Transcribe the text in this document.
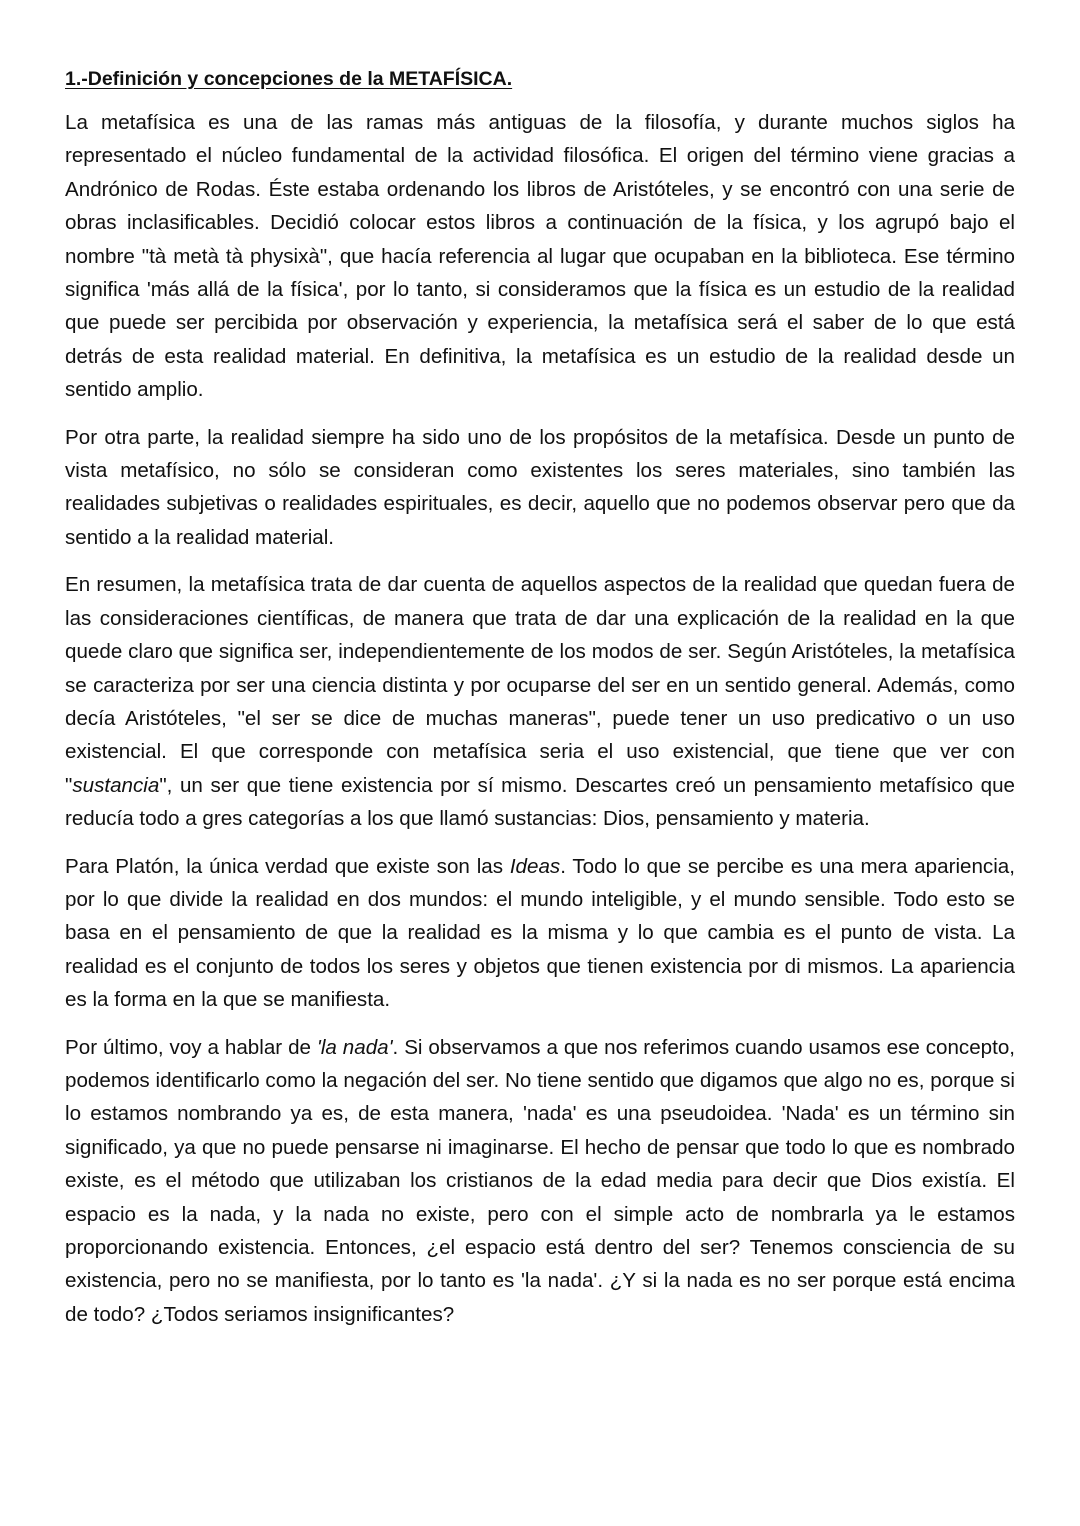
1.-Definición y concepciones de la METAFÍSICA.

La metafísica es una de las ramas más antiguas de la filosofía, y durante muchos siglos ha representado el núcleo fundamental de la actividad filosófica. El origen del término viene gracias a Andrónico de Rodas. Éste estaba ordenando los libros de Aristóteles, y se encontró con una serie de obras inclasificables. Decidió colocar estos libros a continuación de la física, y los agrupó bajo el nombre "tà metà tà physixà", que hacía referencia al lugar que ocupaban en la biblioteca. Ese término significa 'más allá de la física', por lo tanto, si consideramos que la física es un estudio de la realidad que puede ser percibida por observación y experiencia, la metafísica será el saber de lo que está detrás de esta realidad material. En definitiva, la metafísica es un estudio de la realidad desde un sentido amplio.

Por otra parte, la realidad siempre ha sido uno de los propósitos de la metafísica. Desde un punto de vista metafísico, no sólo se consideran como existentes los seres materiales, sino también las realidades subjetivas o realidades espirituales, es decir, aquello que no podemos observar pero que da sentido a la realidad material.

En resumen, la metafísica trata de dar cuenta de aquellos aspectos de la realidad que quedan fuera de las consideraciones científicas, de manera que trata de dar una explicación de la realidad en la que quede claro que significa ser, independientemente de los modos de ser. Según Aristóteles, la metafísica se caracteriza por ser una ciencia distinta y por ocuparse del ser en un sentido general. Además, como decía Aristóteles, "el ser se dice de muchas maneras", puede tener un uso predicativo o un uso existencial. El que corresponde con metafísica seria el uso existencial, que tiene que ver con "sustancia", un ser que tiene existencia por sí mismo. Descartes creó un pensamiento metafísico que reducía todo a gres categorías a los que llamó sustancias: Dios, pensamiento y materia.

Para Platón, la única verdad que existe son las Ideas. Todo lo que se percibe es una mera apariencia, por lo que divide la realidad en dos mundos: el mundo inteligible, y el mundo sensible. Todo esto se basa en el pensamiento de que la realidad es la misma y lo que cambia es el punto de vista. La realidad es el conjunto de todos los seres y objetos que tienen existencia por di mismos. La apariencia es la forma en la que se manifiesta.

Por último, voy a hablar de 'la nada'. Si observamos a que nos referimos cuando usamos ese concepto, podemos identificarlo como la negación del ser. No tiene sentido que digamos que algo no es, porque si lo estamos nombrando ya es, de esta manera, 'nada' es una pseudoidea. 'Nada' es un término sin significado, ya que no puede pensarse ni imaginarse. El hecho de pensar que todo lo que es nombrado existe, es el método que utilizaban los cristianos de la edad media para decir que Dios existía. El espacio es la nada, y la nada no existe, pero con el simple acto de nombrarla ya le estamos proporcionando existencia. Entonces, ¿el espacio está dentro del ser? Tenemos consciencia de su existencia, pero no se manifiesta, por lo tanto es 'la nada'. ¿Y si la nada es no ser porque está encima de todo? ¿Todos seriamos insignificantes?
